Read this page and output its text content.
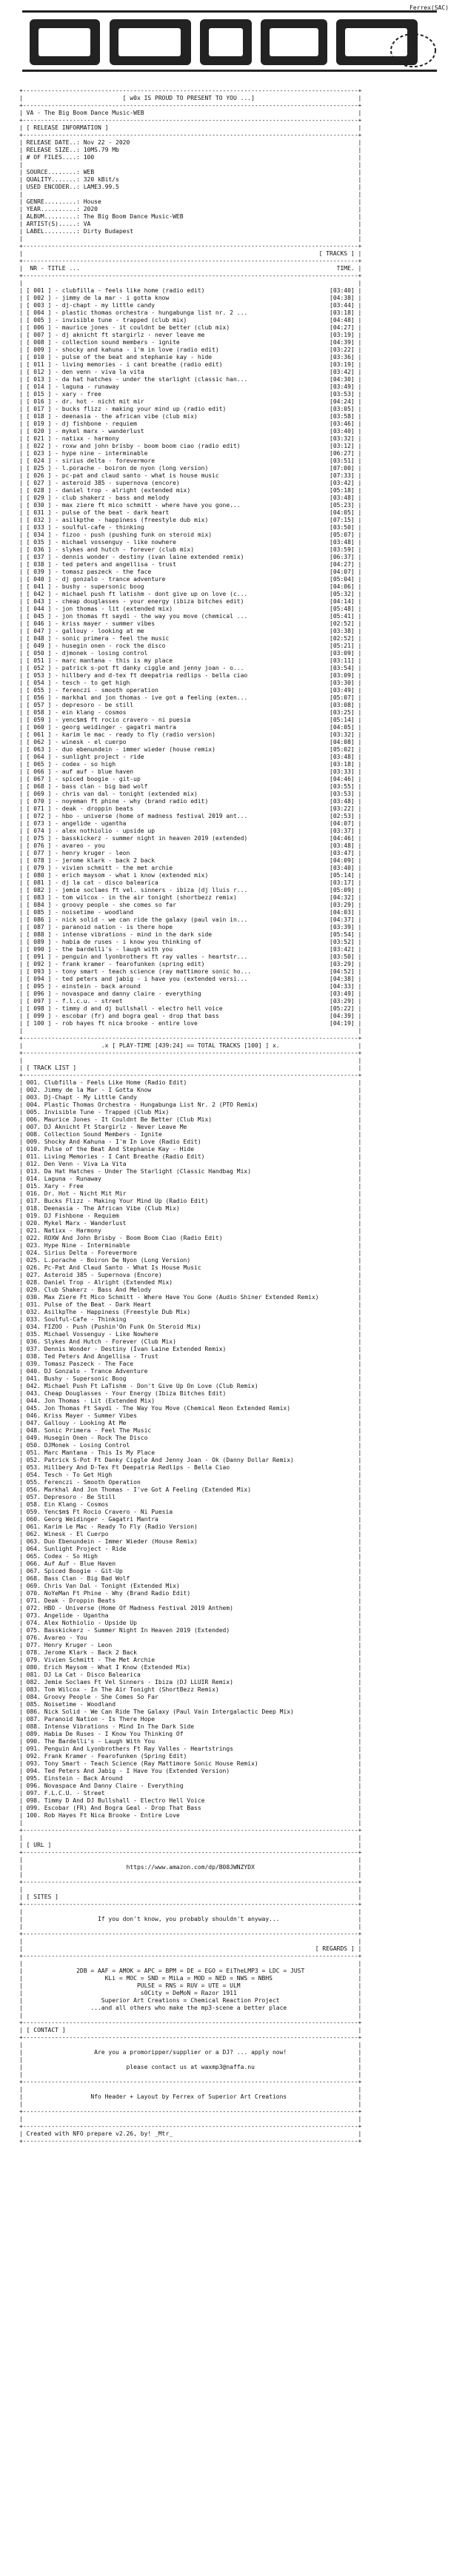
Ferrex(SAC)

+----------------------------------------------------------------------------------------------+
|                            [ w0x IS PROUD TO PRESENT TO YOU ...]                             |
+----------------------------------------------------------------------------------------------+
| VA - The Big Boom Dance Music-WEB                                                            |
+----------------------------------------------------------------------------------------------+
| [ RELEASE INFORMATION ]                                                                      |
+----------------------------------------------------------------------------------------------+
| RELEASE DATE..: Nov 22 - 2020                                                                |
| RELEASE SIZE..: 10MS.79 Mb                                                                   |
| # OF FILES....: 100                                                                          |
|                                                                                              |
| SOURCE........: WEB                                                                          |
| QUALITY.......: 320 kBit/s                                                                   |
| USED ENCODER..: LAME3.99.5                                                                   |
|                                                                                              |
| GENRE.........: House                                                                        |
| YEAR..........: 2020                                                                         |
| ALBUM.........: The Big Boom Dance Music-WEB                                                 |
| ARTIST(S).....: VA                                                                           |
| LABEL.........: Dirty Budapest                                                               |
|                                                                                              |
+----------------------------------------------------------------------------------------------+
|                                                                                   [ TRACKS ] |
+----------------------------------------------------------------------------------------------+
|  NR - TITLE ...                                                                        TIME. |
+----------------------------------------------------------------------------------------------+
|                                                                                              |
| [ 001 ] - clubfilla - feels like home (radio edit)                                   [03:40] |
| [ 002 ] - jimmy de la mar - i gotta know                                             [04:38] |
| [ 003 ] - dj-chapt - my little candy                                                 [03:44] |
| [ 004 ] - plastic thomas orchestra - hungabunga list nr. 2 ...                       [03:18] |
| [ 005 ] - invisible tune - trapped (club mix)                                        [04:48] |
| [ 006 ] - maurice jones - it couldnt be better (club mix)                            [04:27] |
| [ 007 ] - dj aknicht ft stargirlz - never leave me                                   [03:19] |
| [ 008 ] - collection sound members - ignite                                          [04:39] |
| [ 009 ] - shocky and kahuna - i'm in love (radio edit)                               [03:22] |
| [ 010 ] - pulse of the beat and stephanie kay - hide                                 [03:36] |
| [ 011 ] - living memories - i cant breathe (radio edit)                              [03:19] |
| [ 012 ] - den venn - viva la vita                                                    [03:42] |
| [ 013 ] - da hat hatches - under the starlight (classic han...                       [04:30] |
| [ 014 ] - laguna - runaway                                                           [03:49] |
| [ 015 ] - xary - free                                                                [03:53] |
| [ 016 ] - dr. hot - nicht mit mir                                                    [04:24] |
| [ 017 ] - bucks flizz - making your mind up (radio edit)                             [03:05] |
| [ 018 ] - deenasia - the african vibe (club mix)                                     [03:58] |
| [ 019 ] - dj fishbone - requiem                                                      [03:46] |
| [ 020 ] - mykel marx - wanderlust                                                    [03:40] |
| [ 021 ] - natixx - harmony                                                           [03:32] |
| [ 022 ] - roxw and john brisby - boom boom ciao (radio edit)                         [03:12] |
| [ 023 ] - hype nine - interminable                                                   [06:27] |
| [ 024 ] - sirius delta - forevermore                                                 [03:51] |
| [ 025 ] - l.porache - boiron de nyon (long version)                                  [07:00] |
| [ 026 ] - pc-pat and claud santo - what is house music                               [07:33] |
| [ 027 ] - asteroid 385 - supernova (encore)                                          [03:42] |
| [ 028 ] - daniel trop - alright (extended mix)                                       [05:18] |
| [ 029 ] - club shakerz - bass and melody                                             [03:48] |
| [ 030 ] - max ziere ft mico schmitt - where have you gone...                         [05:23] |
| [ 031 ] - pulse of the beat - dark heart                                             [04:05] |
| [ 032 ] - asilkpthe - happiness (freestyle dub mix)                                  [07:15] |
| [ 033 ] - soulful-cafe - thinking                                                    [03:50] |
| [ 034 ] - fizoo - push (pushing funk on steroid mix)                                 [05:07] |
| [ 035 ] - michael vossenguy - like nowhere                                           [03:48] |
| [ 036 ] - slykes and hutch - forever (club mix)                                      [03:59] |
| [ 037 ] - dennis wonder - destiny (ivan laine extended remix)                        [06:37] |
| [ 038 ] - ted peters and angellisa - trust                                           [04:27] |
| [ 039 ] - tomasz paszeck - the face                                                  [04:07] |
| [ 040 ] - dj gonzalo - trance adventure                                              [05:04] |
| [ 041 ] - bushy - supersonic boog                                                    [04:06] |
| [ 042 ] - michael push ft latishm - dont give up on love (c...                       [05:32] |
| [ 043 ] - cheap douglasses - your energy (ibiza bitches edit)                        [04:14] |
| [ 044 ] - jon thomas - lit (extended mix)                                            [05:48] |
| [ 045 ] - jon thomas ft saydi - the way you move (chemical ...                       [05:41] |
| [ 046 ] - kriss mayer - summer vibes                                                 [02:52] |
| [ 047 ] - gallouy - looking at me                                                    [03:38] |
| [ 048 ] - sonic primera - feel the music                                             [02:52] |
| [ 049 ] - husegin onen - rock the disco                                              [05:21] |
| [ 050 ] - djmonek - losing control                                                   [03:09] |
| [ 051 ] - marc mantana - this is my place                                            [03:11] |
| [ 052 ] - patrick s-pot ft danky ciggle and jenny joan - o...                        [03:54] |
| [ 053 ] - hillbery and d-tex ft deepatria redlips - bella ciao                       [03:09] |
| [ 054 ] - tesch - to get high                                                        [03:30] |
| [ 055 ] - ferenczi - smooth operation                                                [03:49] |
| [ 056 ] - markhal and jon thomas - ive got a feeling (exten...                       [05:07] |
| [ 057 ] - depresoro - be still                                                       [03:08] |
| [ 058 ] - ein klang - cosmos                                                         [03:25] |
| [ 059 ] - yenc$m$ ft rocio cravero - ni puesia                                       [05:14] |
| [ 060 ] - georg weidinger - gagatri mantra                                           [04:05] |
| [ 061 ] - karim le mac - ready to fly (radio version)                                [03:32] |
| [ 062 ] - winesk - el cuerpo                                                         [04:08] |
| [ 063 ] - duo ebenundein - immer wieder (house remix)                                [05:02] |
| [ 064 ] - sunlight project - ride                                                    [03:48] |
| [ 065 ] - codex - so high                                                            [03:18] |
| [ 066 ] - auf auf - blue haven                                                       [03:33] |
| [ 067 ] - spiced boogie - git-up                                                     [04:46] |
| [ 068 ] - bass clan - big bad wolf                                                   [03:55] |
| [ 069 ] - chris van dal - tonight (extended mix)                                     [03:53] |
| [ 070 ] - noyeman ft phine - why (brand radio edit)                                  [03:48] |
| [ 071 ] - deak - droppin beats                                                       [03:22] |
| [ 072 ] - hbo - universe (home of madness festival 2019 ant...                       [02:53] |
| [ 073 ] - angelide - ugantha                                                         [04:07] |
| [ 074 ] - alex nothiolio - upside up                                                 [03:37] |
| [ 075 ] - basskickerz - summer night in heaven 2019 (extended)                       [04:46] |
| [ 076 ] - avareo - you                                                               [03:48] |
| [ 077 ] - henry kruger - leon                                                        [03:47] |
| [ 078 ] - jerome klark - back 2 back                                                 [04:09] |
| [ 079 ] - vivien schmitt - the met archie                                            [03:40] |
| [ 080 ] - erich maysom - what i know (extended mix)                                  [05:14] |
| [ 081 ] - dj la cat - disco balearica                                                [03:17] |
| [ 082 ] - jemie soclaes ft vel. sinners - ibiza (dj lluis r...                       [05:09] |
| [ 083 ] - tom wilcox - in the air tonight (shortbezz remix)                          [04:32] |
| [ 084 ] - groovy people - she comes so far                                           [03:29] |
| [ 085 ] - noisetime - woodland                                                       [04:03] |
| [ 086 ] - nick solid - we can ride the galaxy (paul vain in...                       [04:37] |
| [ 087 ] - paranoid nation - is there hope                                            [03:39] |
| [ 088 ] - intense vibrations - mind in the dark side                                 [05:54] |
| [ 089 ] - habia de ruses - i know you thinking of                                    [03:52] |
| [ 090 ] - the bardelli's - laugh with you                                            [03:42] |
| [ 091 ] - penguin and lyonbrothers ft ray valles - heartstr...                       [03:50] |
| [ 092 ] - frank kramer - fearofunken (spring edit)                                   [03:29] |
| [ 093 ] - tony smart - teach science (ray mattimore sonic ho...                      [04:52] |
| [ 094 ] - ted peters and jabig - i have you (extended versi...                       [04:38] |
| [ 095 ] - einstein - back around                                                     [04:33] |
| [ 096 ] - novaspace and danny claire - everything                                    [03:49] |
| [ 097 ] - f.l.c.u. - street                                                          [03:29] |
| [ 098 ] - timmy d and dj bullshall - electro hell voice                              [05:22] |
| [ 099 ] - escobar (fr) and bogra geal - drop that bass                               [04:39] |
| [ 100 ] - rob hayes ft nica brooke - entire love                                     [04:19] |
|                                                                                              |
+----------------------------------------------------------------------------------------------+
|                      .x [ PLAY-TIME [439:24] == TOTAL TRACKS [100] ] x.                      |
+----------------------------------------------------------------------------------------------+
|                                                                                              |
| [ TRACK LIST ]                                                                               |
+----------------------------------------------------------------------------------------------+
| 001. Clubfilla - Feels Like Home (Radio Edit)                                                |
| 002. Jimmy de la Mar - I Gotta Know                                                          |
| 003. Dj-Chapt - My Little Candy                                                              |
| 004. Plastic Thomas Orchestra - Hungabunga List Nr. 2 (PTO Remix)                            |
| 005. Invisible Tune - Trapped (Club Mix)                                                     |
| 006. Maurice Jones - It Couldnt Be Better (Club Mix)                                         |
| 007. DJ Aknicht Ft Stargirlz - Never Leave Me                                                |
| 008. Collection Sound Members - Ignite                                                       |
| 009. Shocky And Kahuna - I'm In Love (Radio Edit)                                            |
| 010. Pulse of the Beat And Stephanie Kay - Hide                                              |
| 011. Living Memories - I Cant Breathe (Radio Edit)                                           |
| 012. Den Venn - Viva La Vita                                                                 |
| 013. Da Hat Hatches - Under The Starlight (Classic Handbag Mix)                              |
| 014. Laguna - Runaway                                                                        |
| 015. Xary - Free                                                                             |
| 016. Dr. Hot - Nicht Mit Mir                                                                 |
| 017. Bucks Flizz - Making Your Mind Up (Radio Edit)                                          |
| 018. Deenasia - The African Vibe (Club Mix)                                                  |
| 019. DJ Fishbone - Requiem                                                                   |
| 020. Mykel Marx - Wanderlust                                                                 |
| 021. Natixx - Harmony                                                                        |
| 022. ROXW And John Brisby - Boom Boom Ciao (Radio Edit)                                      |
| 023. Hype Nine - Interminable                                                                |
| 024. Sirius Delta - Forevermore                                                              |
| 025. L.porache - Boiron De Nyon (Long Version)                                               |
| 026. Pc-Pat And Claud Santo - What Is House Music                                            |
| 027. Asteroid 385 - Supernova (Encore)                                                       |
| 028. Daniel Trop - Alright (Extended Mix)                                                    |
| 029. Club Shakerz - Bass And Melody                                                          |
| 030. Max Ziere Ft Mico Schmitt - Where Have You Gone (Audio Shiner Extended Remix)           |
| 031. Pulse of the Beat - Dark Heart                                                          |
| 032. AsilkpThe - Happiness (Freestyle Dub Mix)                                               |
| 033. Soulful-Cafe - Thinking                                                                 |
| 034. FIZOO - Push (Pushin'On Funk On Steroid Mix)                                            |
| 035. Michael Vossenguy - Like Nowhere                                                        |
| 036. Slykes And Hutch - Forever (Club Mix)                                                   |
| 037. Dennis Wonder - Destiny (Ivan Laine Extended Remix)                                     |
| 038. Ted Peters And Angellisa - Trust                                                        |
| 039. Tomasz Paszeck - The Face                                                               |
| 040. DJ Gonzalo - Trance Adventure                                                           |
| 041. Bushy - Supersonic Boog                                                                 |
| 042. Michael Push Ft LaTishm - Don't Give Up On Love (Club Remix)                            |
| 043. Cheap Douglasses - Your Energy (Ibiza Bitches Edit)                                     |
| 044. Jon Thomas - Lit (Extended Mix)                                                         |
| 045. Jon Thomas Ft Saydi - The Way You Move (Chemical Neon Extended Remix)                   |
| 046. Kriss Mayer - Summer Vibes                                                              |
| 047. Gallouy - Looking At Me                                                                 |
| 048. Sonic Primera - Feel The Music                                                          |
| 049. Husegin Onen - Rock The Disco                                                           |
| 050. DJMonek - Losing Control                                                                |
| 051. Marc Mantana - This Is My Place                                                         |
| 052. Patrick S-Pot Ft Danky Ciggle And Jenny Joan - Ok (Danny Dollar Remix)                  |
| 053. Hillbery And D-Tex Ft Deepatria Redlips - Bella Ciao                                    |
| 054. Tesch - To Get High                                                                     |
| 055. Ferenczi - Smooth Operation                                                             |
| 056. Markhal And Jon Thomas - I've Got A Feeling (Extended Mix)                              |
| 057. Depresoro - Be Still                                                                    |
| 058. Ein Klang - Cosmos                                                                      |
| 059. Yenc$m$ Ft Rocio Cravero - Ni Puesia                                                    |
| 060. Georg Weidinger - Gagatri Mantra                                                        |
| 061. Karim Le Mac - Ready To Fly (Radio Version)                                             |
| 062. Winesk - El Cuerpo                                                                      |
| 063. Duo Ebenundein - Immer Wieder (House Remix)                                             |
| 064. Sunlight Project - Ride                                                                 |
| 065. Codex - So High                                                                         |
| 066. Auf Auf - Blue Haven                                                                    |
| 067. Spiced Boogie - Git-Up                                                                  |
| 068. Bass Clan - Big Bad Wolf                                                                |
| 069. Chris Van Dal - Tonight (Extended Mix)                                                  |
| 070. NoYeMan Ft Phine - Why (Brand Radio Edit)                                               |
| 071. Deak - Droppin Beats                                                                    |
| 072. HBO - Universe (Home Of Madness Festival 2019 Anthem)                                   |
| 073. Angelide - Ugantha                                                                      |
| 074. Alex Nothiolio - Upside Up                                                              |
| 075. Basskickerz - Summer Night In Heaven 2019 (Extended)                                    |
| 076. Avareo - You                                                                            |
| 077. Henry Kruger - Leon                                                                     |
| 078. Jerome Klark - Back 2 Back                                                              |
| 079. Vivien Schmitt - The Met Archie                                                         |
| 080. Erich Maysom - What I Know (Extended Mix)                                               |
| 081. DJ La Cat - Disco Balearica                                                             |
| 082. Jemie Soclaes Ft Vel Sinners - Ibiza (DJ LLUIR Remix)                                   |
| 083. Tom Wilcox - In The Air Tonight (ShortBezz Remix)                                       |
| 084. Groovy People - She Comes So Far                                                        |
| 085. Noisetime - Woodland                                                                    |
| 086. Nick Solid - We Can Ride The Galaxy (Paul Vain Intergalactic Deep Mix)                  |
| 087. Paranoid Nation - Is There Hope                                                         |
| 088. Intense Vibrations - Mind In The Dark Side                                              |
| 089. Habia De Ruses - I Know You Thinking Of                                                 |
| 090. The Bardelli's - Laugh With You                                                         |
| 091. Penguin And Lyonbrothers Ft Ray Valles - Heartstrings                                   |
| 092. Frank Kramer - Fearofunken (Spring Edit)                                                |
| 093. Tony Smart - Teach Science (Ray Mattimore Sonic House Remix)                            |
| 094. Ted Peters And Jabig - I Have You (Extended Version)                                    |
| 095. Einstein - Back Around                                                                  |
| 096. Novaspace And Danny Claire - Everything                                                 |
| 097. F.L.C.U. - Street                                                                       |
| 098. Timmy D And DJ Bullshall - Electro Hell Voice                                           |
| 099. Escobar (FR) And Bogra Geal - Drop That Bass                                            |
| 100. Rob Hayes Ft Nica Brooke - Entire Love                                                  |
|                                                                                              |
+----------------------------------------------------------------------------------------------+
|                                                                                              |
| [ URL ]                                                                                      |
+----------------------------------------------------------------------------------------------+
|                                                                                              |
|                             https://www.amazon.com/dp/B08JWNZYDX                             |
|                                                                                              |
+----------------------------------------------------------------------------------------------+
|                                                                                              |
| [ SITES ]                                                                                    |
+----------------------------------------------------------------------------------------------+
|                                                                                              |
|                     If you don't know, you probably shouldn't anyway...                      |
|                                                                                              |
+----------------------------------------------------------------------------------------------+
|                                                                                              |
|                                                                                  [ REGARDS ] |
+----------------------------------------------------------------------------------------------+
|                                                                                              |
|               2DB = AAF = AMOK = APC = BPM = DE = EGO = EiTheLMP3 = LDC = JUST               |
|                       KLi = MOC = SND = MiLa = MOD = NED = NWS = NBHS                        |
|                                PULSE = RNS = RUV = UTE = ULM                                 |
|                                 s0City = DeMoN = Razor 1911                                  |
|                      Superior Art Creations = Chemical Reaction Project                      |
|                   ...and all others who make the mp3-scene a better place                    |
|                                                                                              |
+----------------------------------------------------------------------------------------------+
| [ CONTACT ]                                                                                  |
+----------------------------------------------------------------------------------------------+
|                                                                                              |
|                    Are you a promoripper/supplier or a DJ? ... apply now!                    |
|                                                                                              |
|                             please contact us at waxmp3@naffa.nu                             |
|                                                                                              |
+----------------------------------------------------------------------------------------------+
|                                                                                              |
|                   Nfo Header + Layout by Ferrex of Superior Art Creations                    |
|                                                                                              |
+----------------------------------------------------------------------------------------------+
|                                                                                              |
+----------------------------------------------------------------------------------------------+
| Created with NFO prepare v2.26, by! _Mtr_                                                    |
+----------------------------------------------------------------------------------------------+
